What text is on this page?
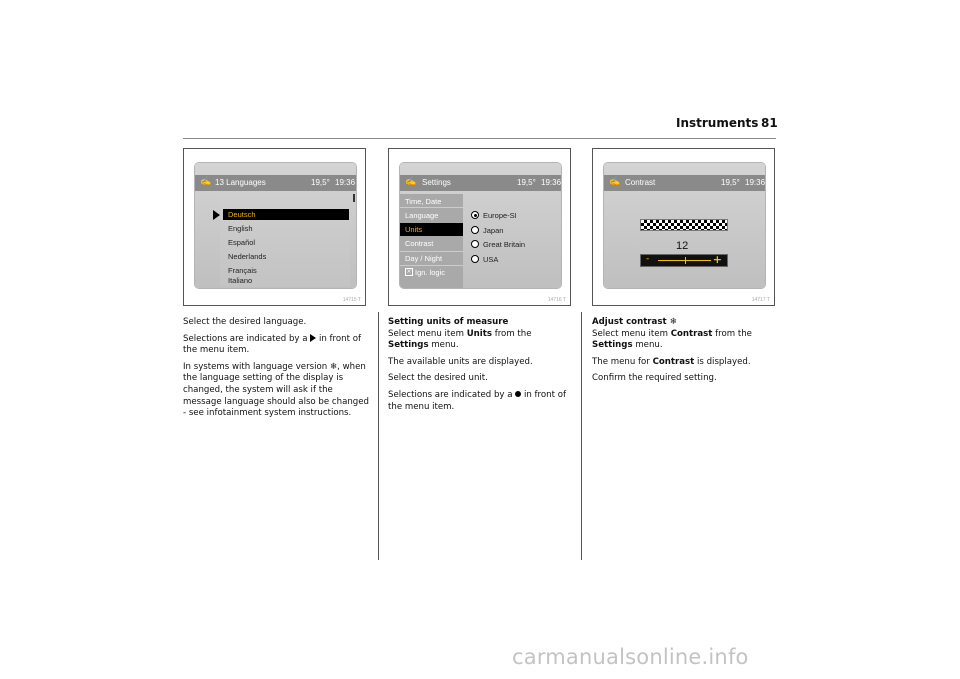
Instruments 81
✍ 13 Languages	19,5° 19:36
Deutsch
English
Español
Nederlands
Français
Italiano
14715 T
✍ Settings	19,5° 19:36
Time, Date
Language
Units
Contrast
Day / Night
Ign. logic
×
Europe-SI
Japan
Great Britain
USA
14716 T
✍ Contrast	19,5° 19:36
12
-	+
14717 T

Select the desired language.

Selections are indicated by a in front of the menu item.

In systems with language version ❄, when the language setting of the display is changed, the system will ask if the message language should also be changed - see infotainment system instructions.

Setting units of measure
Select menu item Units from the Settings menu.

The available units are displayed.

Select the desired unit.

Selections are indicated by a in front of the menu item.

Adjust contrast ❄
Select menu item Contrast from the
Settings menu.

The menu for Contrast is displayed.

Confirm the required setting.

carmanualsonline.info
